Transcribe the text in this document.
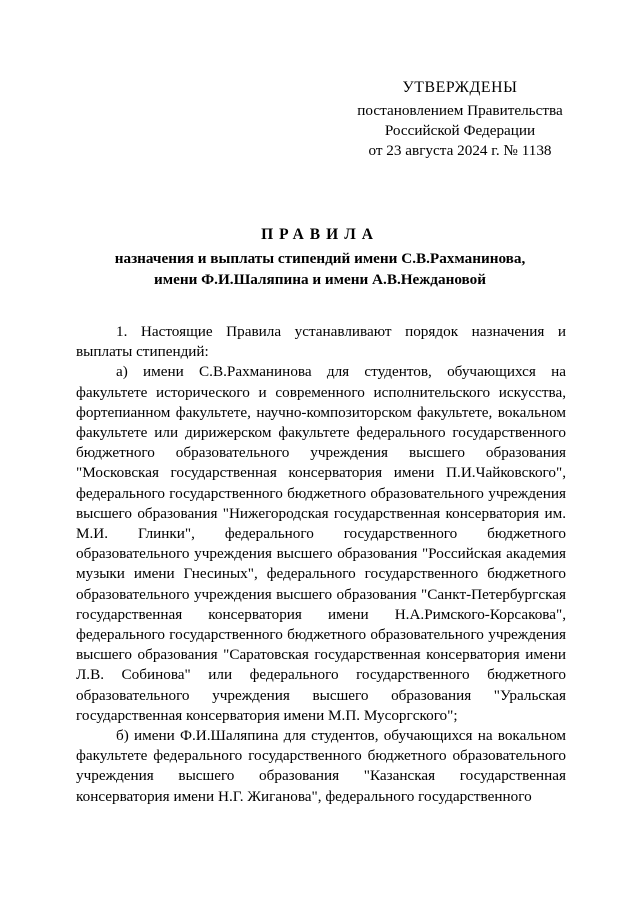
УТВЕРЖДЕНЫ
постановлением Правительства
Российской Федерации
от 23 августа 2024 г. № 1138
ПРАВИЛА
назначения и выплаты стипендий имени С.В.Рахманинова,
имени Ф.И.Шаляпина и имени А.В.Неждановой

1. Настоящие Правила устанавливают порядок назначения и выплаты стипендий:

а) имени С.В.Рахманинова для студентов, обучающихся на факультете исторического и современного исполнительского искусства, фортепианном факультете, научно-композиторском факультете, вокальном факультете или дирижерском факультете федерального государственного бюджетного образовательного учреждения высшего образования "Московская государственная консерватория имени П.И.Чайковского", федерального государственного бюджетного образовательного учреждения высшего образования "Нижегородская государственная консерватория им. М.И. Глинки", федерального государственного бюджетного образовательного учреждения высшего образования "Российская академия музыки имени Гнесиных", федерального государственного бюджетного образовательного учреждения высшего образования "Санкт-Петербургская государственная консерватория имени Н.А.Римского-Корсакова", федерального государственного бюджетного образовательного учреждения высшего образования "Саратовская государственная консерватория имени Л.В. Собинова" или федерального государственного бюджетного образовательного учреждения высшего образования "Уральская государственная консерватория имени М.П. Мусоргского";

б) имени Ф.И.Шаляпина для студентов, обучающихся на вокальном факультете федерального государственного бюджетного образовательного учреждения высшего образования "Казанская государственная консерватория имени Н.Г. Жиганова", федерального государственного
